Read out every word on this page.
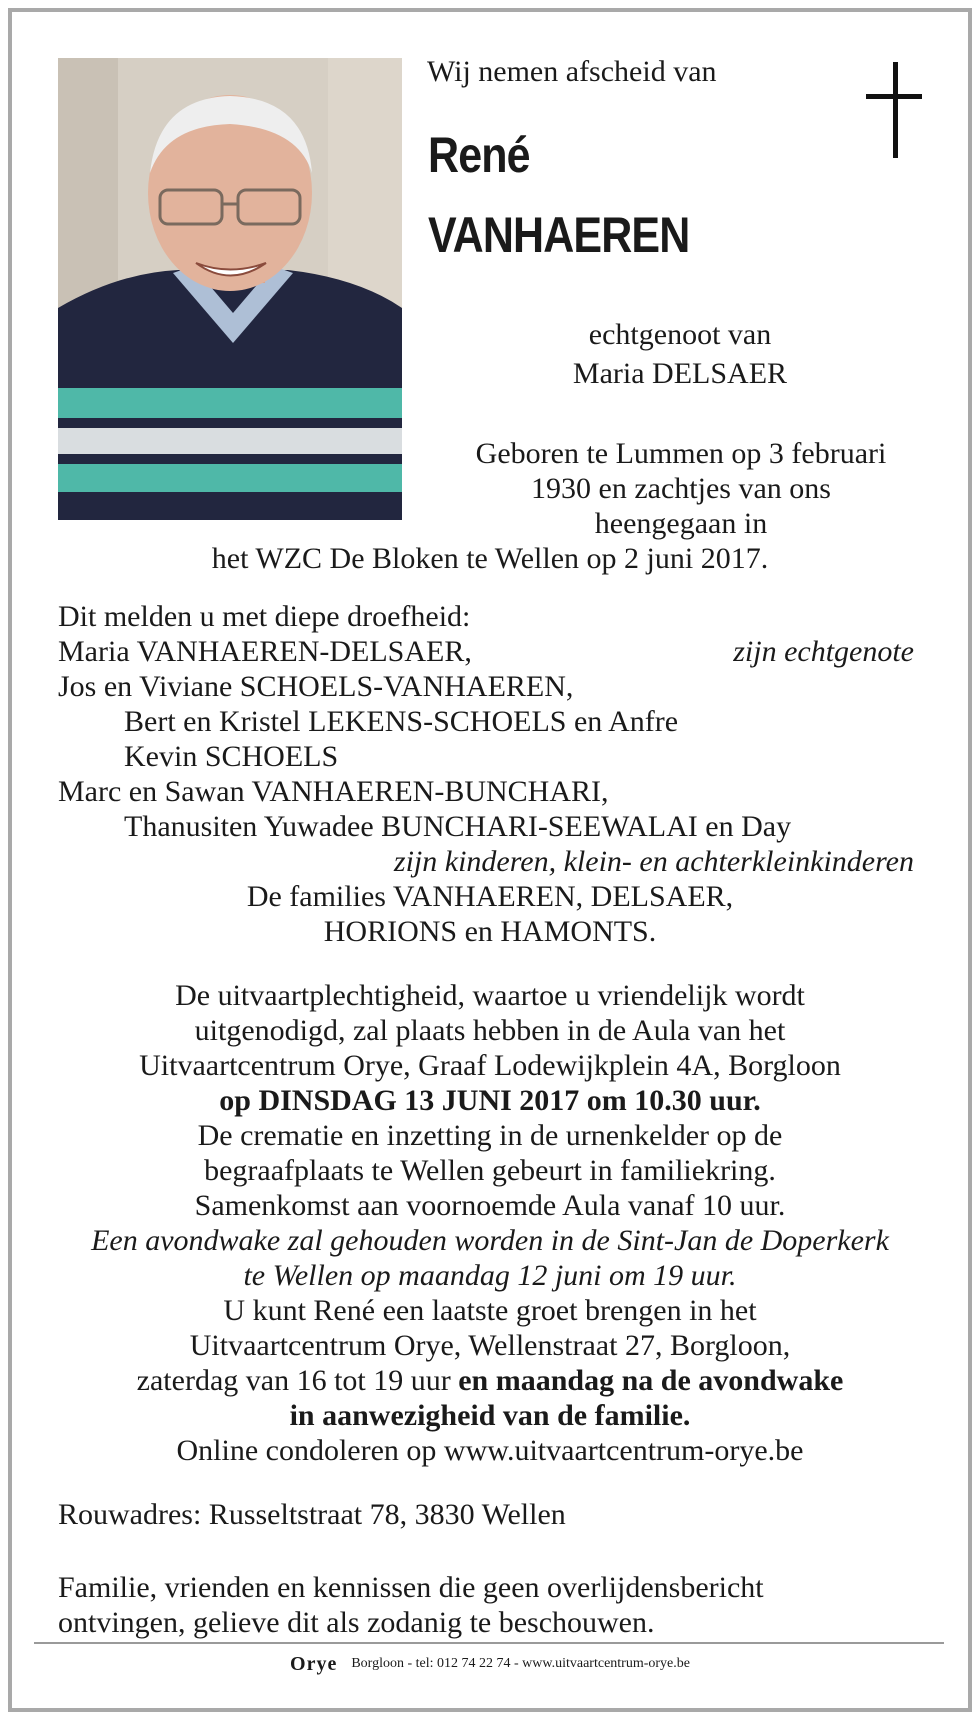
Wij nemen afscheid van
René
VANHAEREN
echtgenoot van
Maria DELSAER
Geboren te Lummen op 3 februari
1930 en zachtjes van ons
heengegaan in
het WZC De Bloken te Wellen op 2 juni 2017.
Dit melden u met diepe droefheid:
Maria VANHAEREN-DELSAER,	zijn echtgenote
Jos en Viviane SCHOELS-VANHAEREN,
Bert en Kristel LEKENS-SCHOELS en Anfre
Kevin SCHOELS
Marc en Sawan VANHAEREN-BUNCHARI,
Thanusiten Yuwadee BUNCHARI-SEEWALAI en Day
zijn kinderen, klein- en achterkleinkinderen
De families VANHAEREN, DELSAER,
HORIONS en HAMONTS.
De uitvaartplechtigheid, waartoe u vriendelijk wordt
uitgenodigd, zal plaats hebben in de Aula van het
Uitvaartcentrum Orye, Graaf Lodewijkplein 4A, Borgloon
op DINSDAG 13 JUNI 2017 om 10.30 uur.
De crematie en inzetting in de urnenkelder op de
begraafplaats te Wellen gebeurt in familiekring.
Samenkomst aan voornoemde Aula vanaf 10 uur.
Een avondwake zal gehouden worden in de Sint-Jan de Doperkerk
te Wellen op maandag 12 juni om 19 uur.
U kunt René een laatste groet brengen in het
Uitvaartcentrum Orye, Wellenstraat 27, Borgloon,
zaterdag van 16 tot 19 uur en maandag na de avondwake
in aanwezigheid van de familie.
Online condoleren op www.uitvaartcentrum-orye.be
Rouwadres: Russeltstraat 78, 3830 Wellen
Familie, vrienden en kennissen die geen overlijdensbericht
ontvingen, gelieve dit als zodanig te beschouwen.
Orye Borgloon - tel: 012 74 22 74 - www.uitvaartcentrum-orye.be
